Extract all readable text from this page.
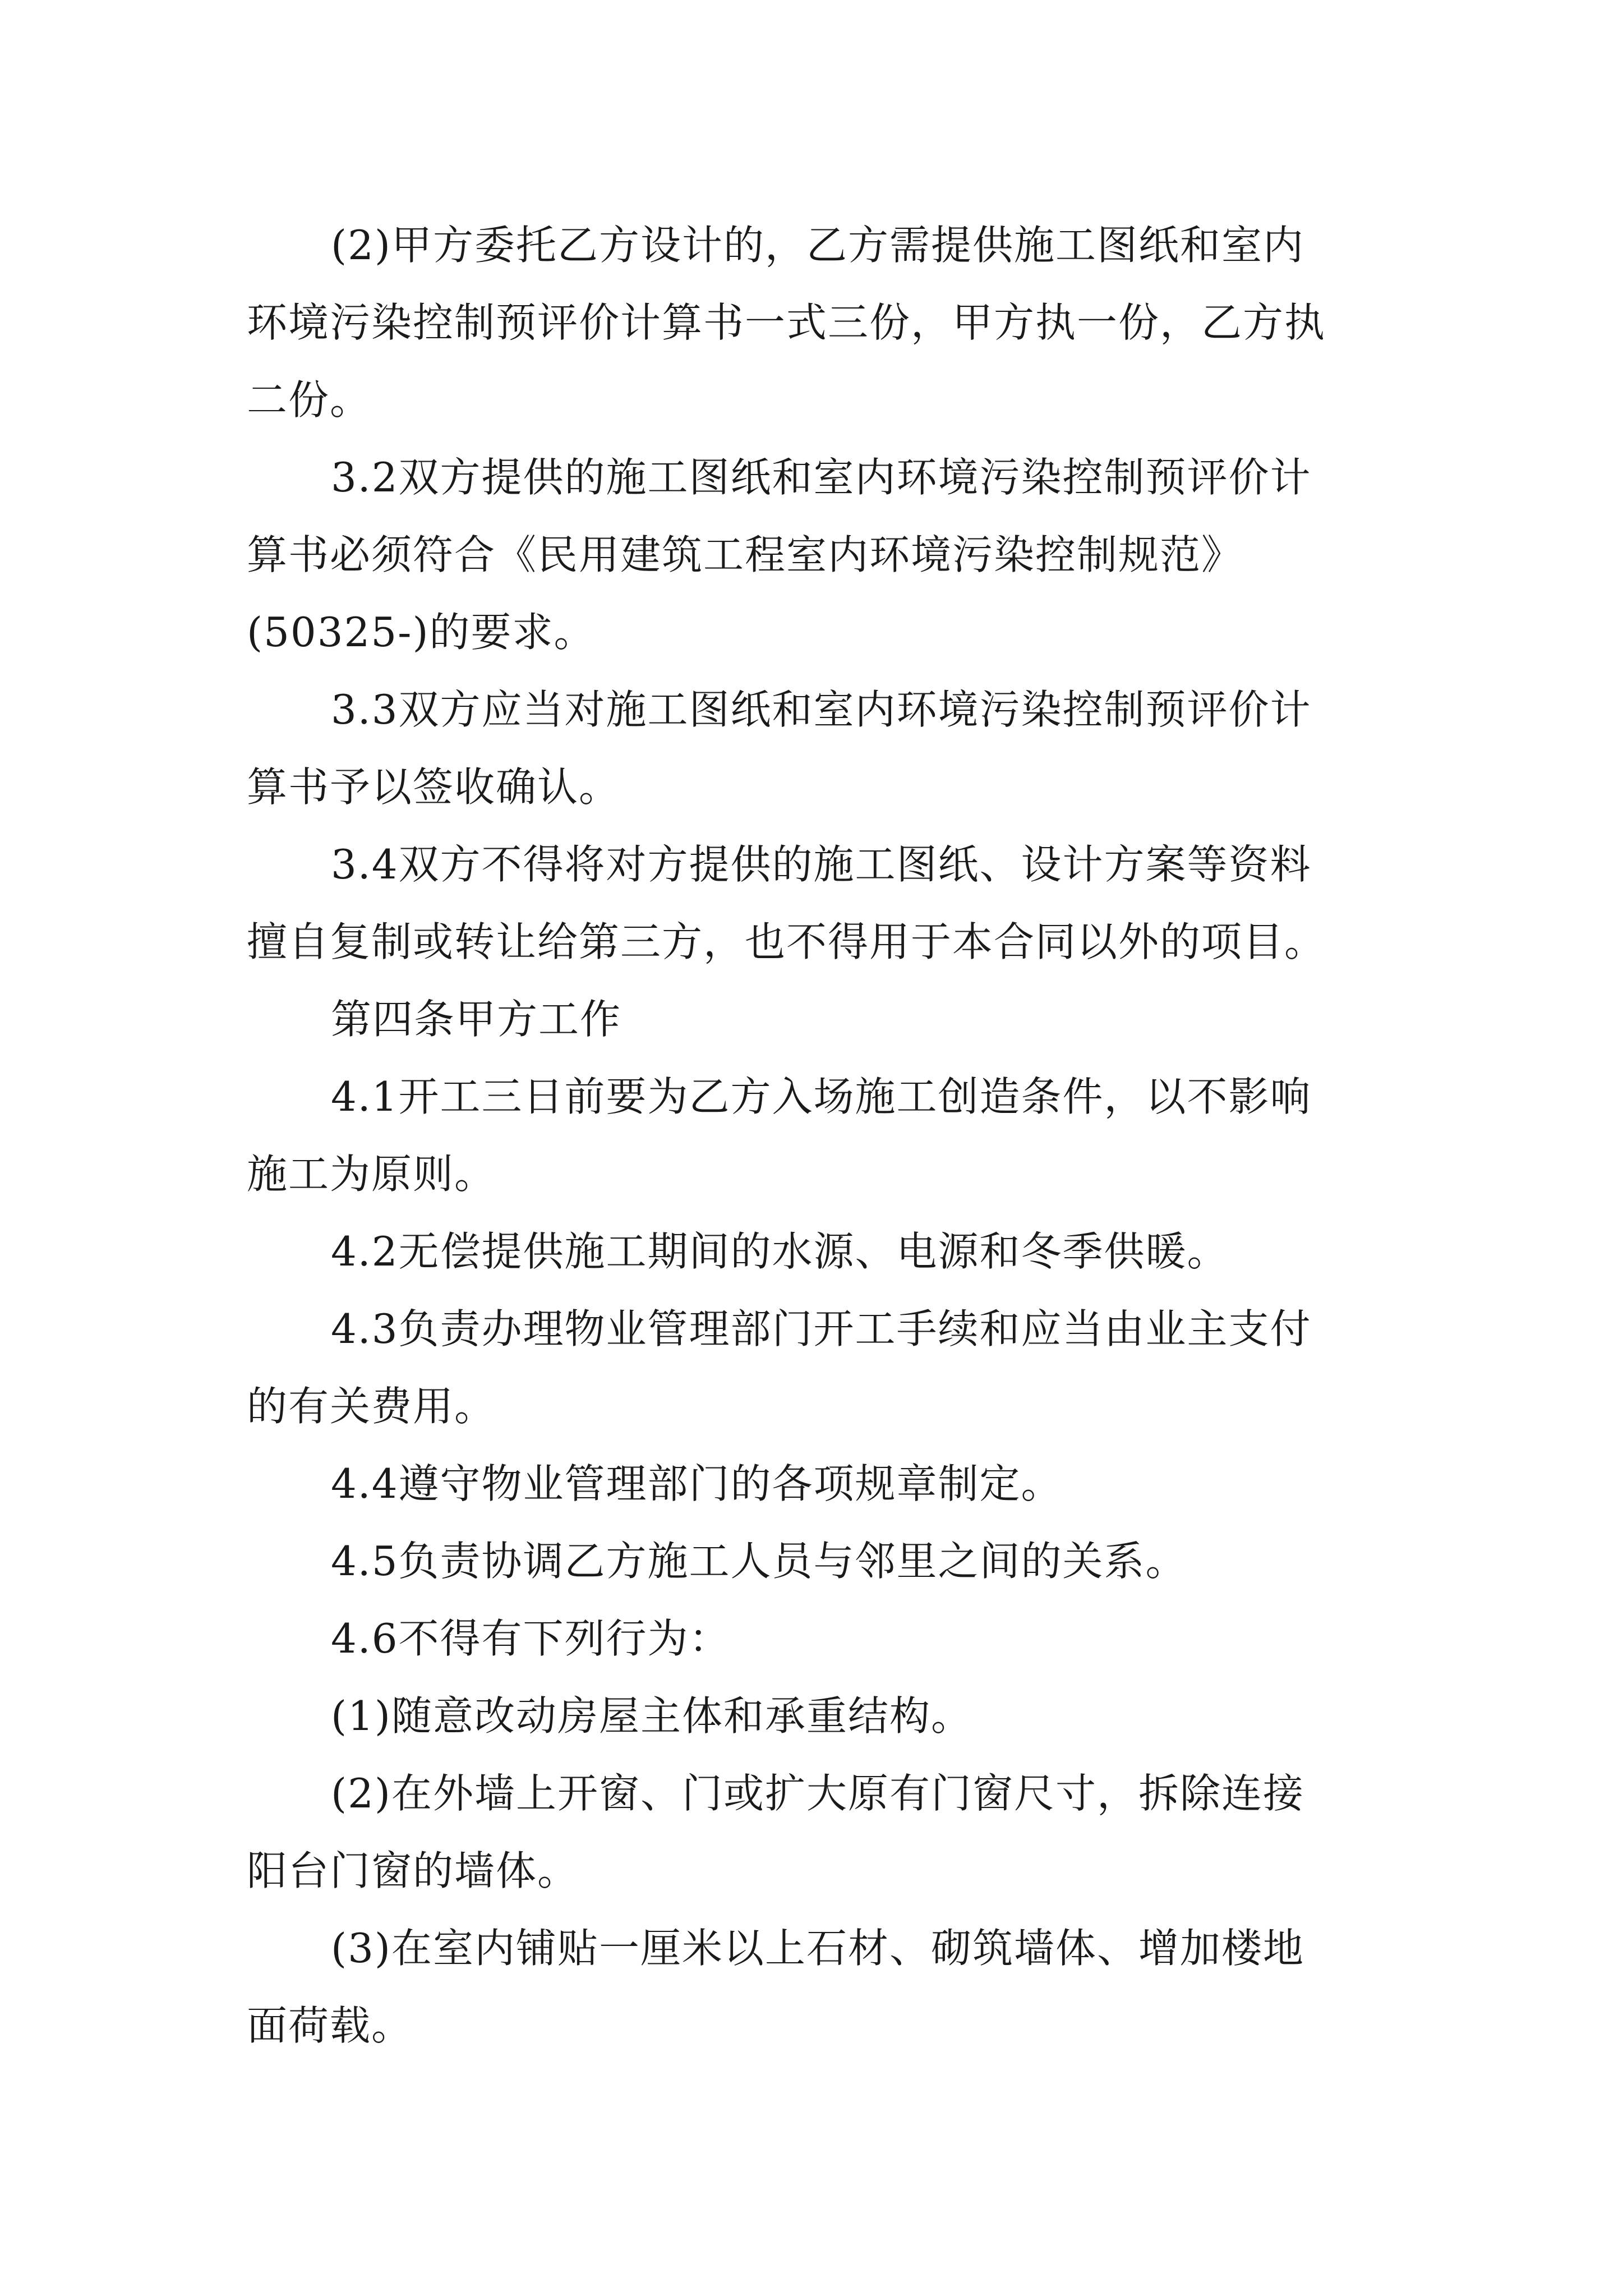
(2)甲方委托乙方设计的，乙方需提供施工图纸和室内
环境污染控制预评价计算书一式三份，甲方执一份，乙方执
二份。
3.2双方提供的施工图纸和室内环境污染控制预评价计
算书必须符合《民用建筑工程室内环境污染控制规范》
(50325-)的要求。
3.3双方应当对施工图纸和室内环境污染控制预评价计
算书予以签收确认。
3.4双方不得将对方提供的施工图纸、设计方案等资料
擅自复制或转让给第三方，也不得用于本合同以外的项目。
第四条甲方工作
4.1开工三日前要为乙方入场施工创造条件，以不影响
施工为原则。
4.2无偿提供施工期间的水源、电源和冬季供暖。
4.3负责办理物业管理部门开工手续和应当由业主支付
的有关费用。
4.4遵守物业管理部门的各项规章制定。
4.5负责协调乙方施工人员与邻里之间的关系。
4.6不得有下列行为：
(1)随意改动房屋主体和承重结构。
(2)在外墙上开窗、门或扩大原有门窗尺寸，拆除连接
阳台门窗的墙体。
(3)在室内铺贴一厘米以上石材、砌筑墙体、增加楼地
面荷载。
